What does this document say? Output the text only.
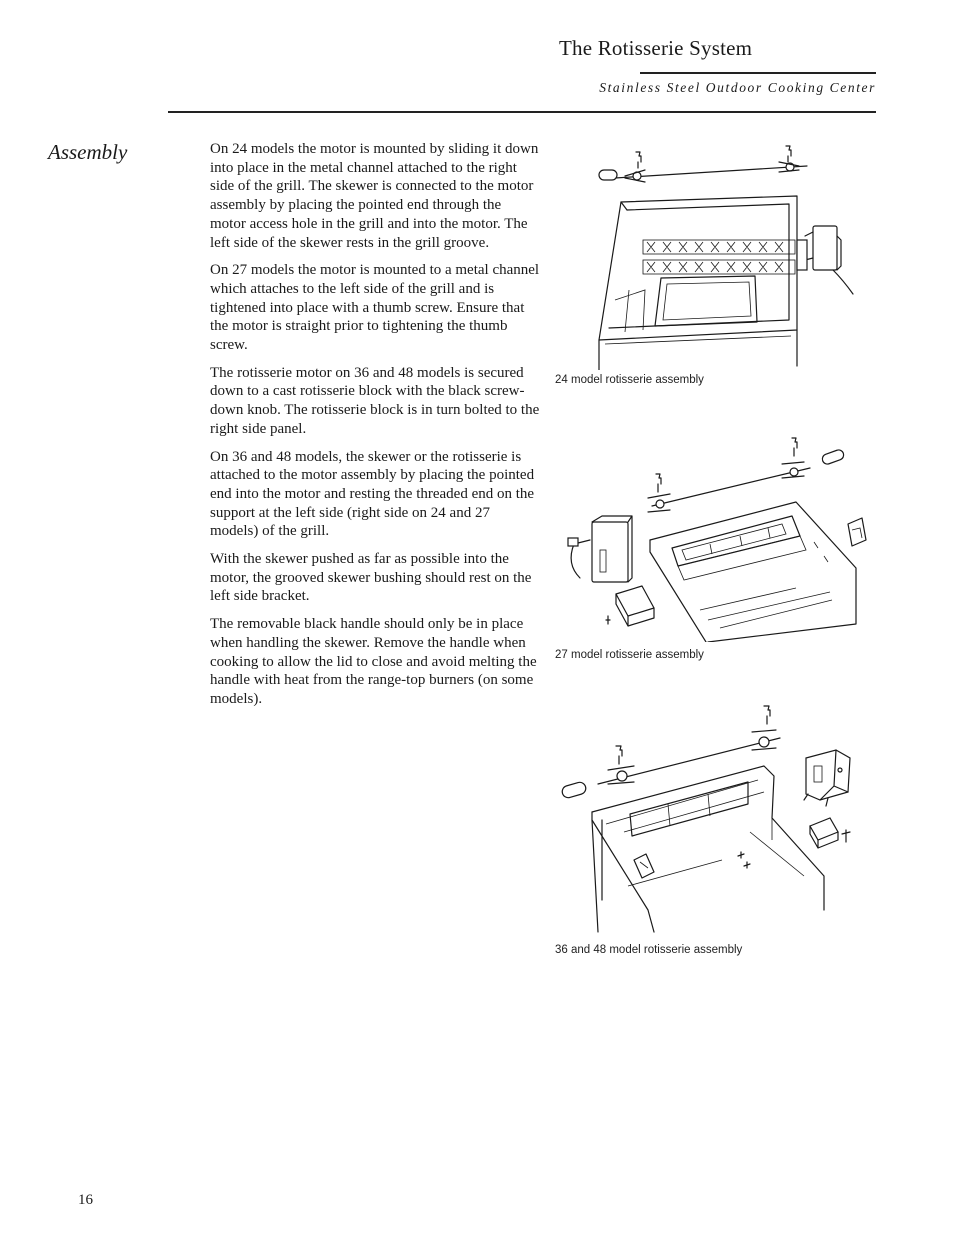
The Rotisserie System
Stainless Steel Outdoor Cooking Center
Assembly	On 24 models the motor is mounted by sliding it down into place in the metal channel attached to the right side of the grill. The skewer is connected to the motor assembly by placing the pointed end through the motor access hole in the grill and into the motor. The left side of the skewer rests in the grill groove.

On 27 models the motor is mounted to a metal channel which attaches to the left side of the grill and is tightened into place with a thumb screw. Ensure that the motor is straight prior to tightening the thumb screw.

The rotisserie motor on 36 and 48 models is secured down to a cast rotisserie block with the black screw-down knob. The rotisserie block is in turn bolted to the right side panel.

On 36 and 48 models, the skewer or the rotisserie is attached to the motor assembly by placing the pointed end into the motor and resting the threaded end on the support at the left side (right side on 24 and 27 models) of the grill.

With the skewer pushed as far as possible into the motor, the grooved skewer bushing should rest on the left side bracket.

The removable black handle should only be in place when handling the skewer. Remove the handle when cooking to allow the lid to close and avoid melting the handle with heat from the range-top burners (on some models).

24 model rotisserie assembly
27 model rotisserie assembly
36 and 48 model rotisserie assembly
16
